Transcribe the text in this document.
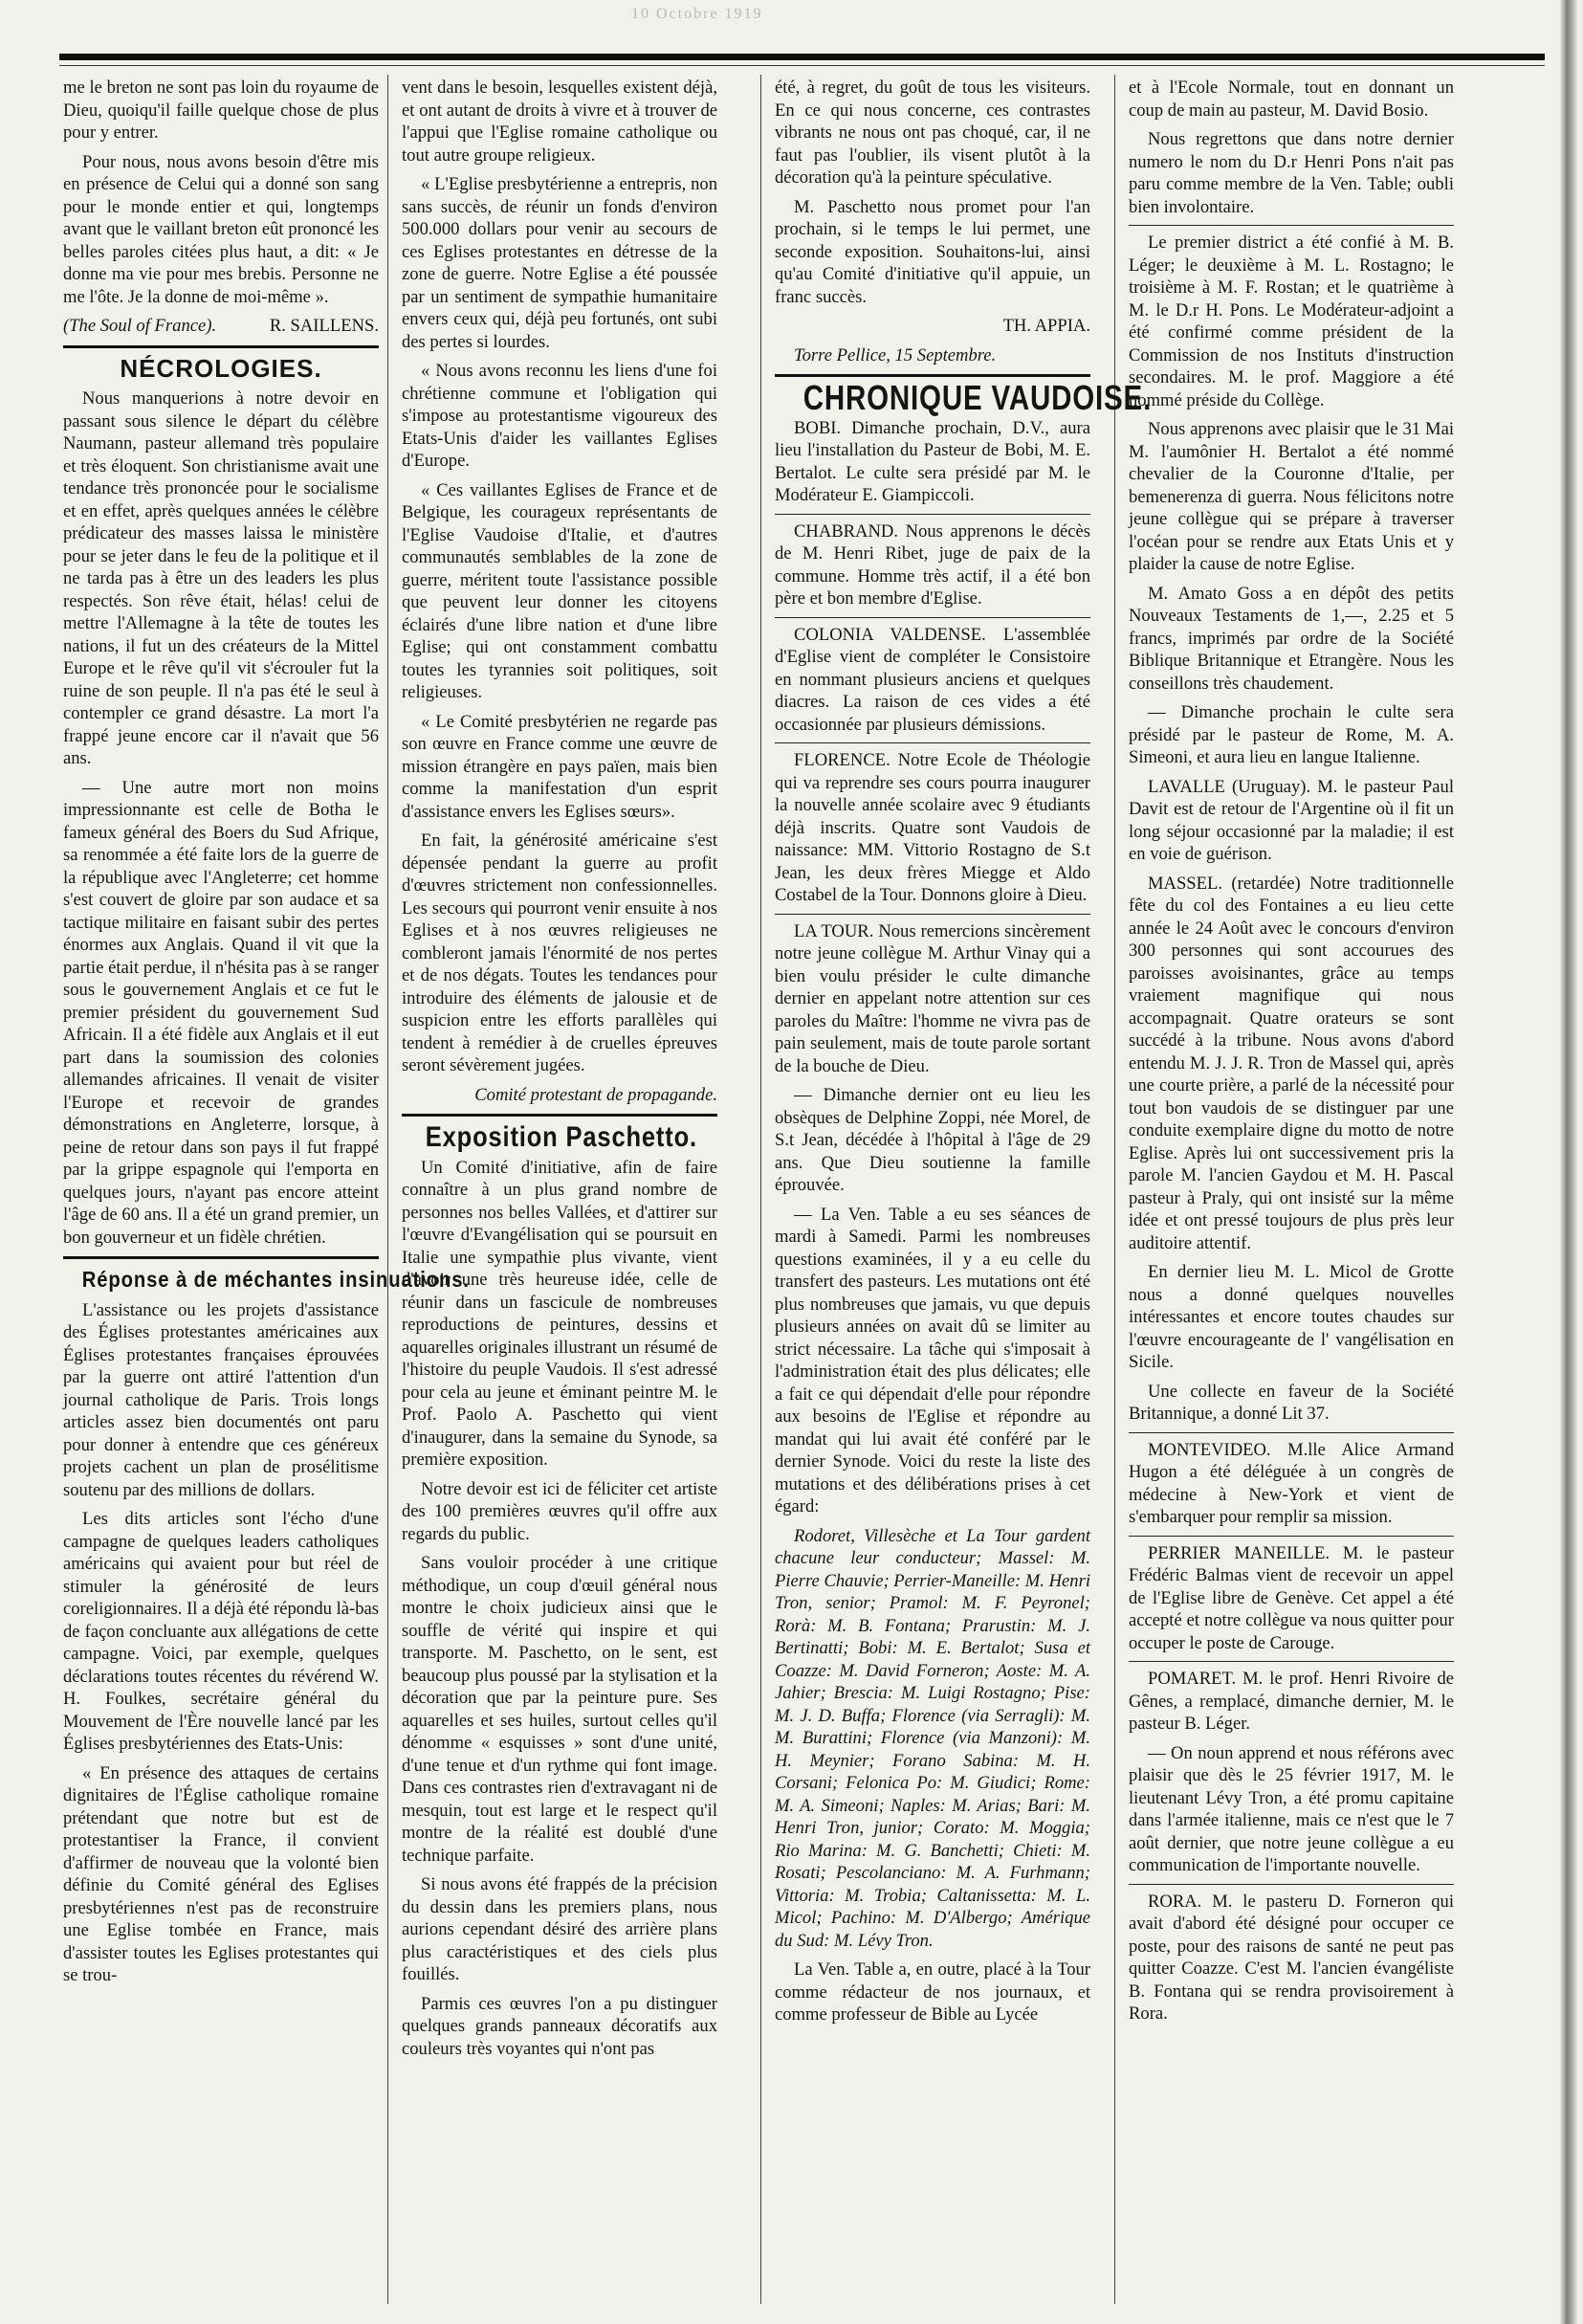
me le breton ne sont pas loin du royaume de Dieu, quoiqu'il faille quelque chose de plus pour y entrer.

Pour nous, nous avons besoin d'être mis en présence de Celui qui a donné son sang pour le monde entier et qui, longtemps avant que le vaillant breton eût prononcé les belles paroles citées plus haut, a dit: « Je donne ma vie pour mes brebis. Personne ne me l'ôte. Je la donne de moi-même ».

(The Soul of France).	R. SAILLENS.
NÉCROLOGIES.

Nous manquerions à notre devoir en passant sous silence le départ du célèbre Naumann, pasteur allemand très populaire et très éloquent. Son christianisme avait une tendance très prononcée pour le socialisme et en effet, après quelques années le célèbre prédicateur des masses laissa le ministère pour se jeter dans le feu de la politique et il ne tarda pas à être un des leaders les plus respectés. Son rêve était, hélas! celui de mettre l'Allemagne à la tête de toutes les nations, il fut un des créateurs de la Mittel Europe et le rêve qu'il vit s'écrouler fut la ruine de son peuple. Il n'a pas été le seul à contempler ce grand désastre. La mort l'a frappé jeune encore car il n'avait que 56 ans.

— Une autre mort non moins impressionnante est celle de Botha le fameux général des Boers du Sud Afrique, sa renommée a été faite lors de la guerre de la république avec l'Angleterre; cet homme s'est couvert de gloire par son audace et sa tactique militaire en faisant subir des pertes énormes aux Anglais. Quand il vit que la partie était perdue, il n'hésita pas à se ranger sous le gouvernement Anglais et ce fut le premier président du gouvernement Sud Africain. Il a été fidèle aux Anglais et il eut part dans la soumission des colonies allemandes africaines. Il venait de visiter l'Europe et recevoir de grandes démonstrations en Angleterre, lorsque, à peine de retour dans son pays il fut frappé par la grippe espagnole qui l'emporta en quelques jours, n'ayant pas encore atteint l'âge de 60 ans. Il a été un grand premier, un bon gouverneur et un fidèle chrétien.

Réponse à de méchantes insinuations.

L'assistance ou les projets d'assistance des Églises protestantes américaines aux Églises protestantes françaises éprouvées par la guerre ont attiré l'attention d'un journal catholique de Paris. Trois longs articles assez bien documentés ont paru pour donner à entendre que ces généreux projets cachent un plan de prosélitisme soutenu par des millions de dollars.

Les dits articles sont l'écho d'une campagne de quelques leaders catholiques américains qui avaient pour but réel de stimuler la générosité de leurs coreligionnaires. Il a déjà été répondu là-bas de façon concluante aux allégations de cette campagne. Voici, par exemple, quelques déclarations toutes récentes du révérend W. H. Foulkes, secrétaire général du Mouvement de l'Ère nouvelle lancé par les Églises presbytériennes des Etats-Unis:

« En présence des attaques de certains dignitaires de l'Église catholique romaine prétendant que notre but est de protestantiser la France, il convient d'affirmer de nouveau que la volonté bien définie du Comité général des Eglises presbytériennes n'est pas de reconstruire une Eglise tombée en France, mais d'assister toutes les Eglises protestantes qui se trou-

vent dans le besoin, lesquelles existent déjà, et ont autant de droits à vivre et à trouver de l'appui que l'Eglise romaine catholique ou tout autre groupe religieux.

« L'Eglise presbytérienne a entrepris, non sans succès, de réunir un fonds d'environ 500.000 dollars pour venir au secours de ces Eglises protestantes en détresse de la zone de guerre. Notre Eglise a été poussée par un sentiment de sympathie humanitaire envers ceux qui, déjà peu fortunés, ont subi des pertes si lourdes.

« Nous avons reconnu les liens d'une foi chrétienne commune et l'obligation qui s'impose au protestantisme vigoureux des Etats-Unis d'aider les vaillantes Eglises d'Europe.

« Ces vaillantes Eglises de France et de Belgique, les courageux représentants de l'Eglise Vaudoise d'Italie, et d'autres communautés semblables de la zone de guerre, méritent toute l'assistance possible que peuvent leur donner les citoyens éclairés d'une libre nation et d'une libre Eglise; qui ont constamment combattu toutes les tyrannies soit politiques, soit religieuses.

« Le Comité presbytérien ne regarde pas son œuvre en France comme une œuvre de mission étrangère en pays païen, mais bien comme la manifestation d'un esprit d'assistance envers les Eglises sœurs».

En fait, la générosité américaine s'est dépensée pendant la guerre au profit d'œuvres strictement non confessionnelles. Les secours qui pourront venir ensuite à nos Eglises et à nos œuvres religieuses ne combleront jamais l'énormité de nos pertes et de nos dégats. Toutes les tendances pour introduire des éléments de jalousie et de suspicion entre les efforts parallèles qui tendent à remédier à de cruelles épreuves seront sévèrement jugées.

Comité protestant de propagande.

Exposition Paschetto.

Un Comité d'initiative, afin de faire connaître à un plus grand nombre de personnes nos belles Vallées, et d'attirer sur l'œuvre d'Evangélisation qui se poursuit en Italie une sympathie plus vivante, vient d'avoir une très heureuse idée, celle de réunir dans un fascicule de nombreuses reproductions de peintures, dessins et aquarelles originales illustrant un résumé de l'histoire du peuple Vaudois. Il s'est adressé pour cela au jeune et éminant peintre M. le Prof. Paolo A. Paschetto qui vient d'inaugurer, dans la semaine du Synode, sa première exposition.

Notre devoir est ici de féliciter cet artiste des 100 premières œuvres qu'il offre aux regards du public.

Sans vouloir procéder à une critique méthodique, un coup d'œuil général nous montre le choix judicieux ainsi que le souffle de vérité qui inspire et qui transporte. M. Paschetto, on le sent, est beaucoup plus poussé par la stylisation et la décoration que par la peinture pure. Ses aquarelles et ses huiles, surtout celles qu'il dénomme « esquisses » sont d'une unité, d'une tenue et d'un rythme qui font image. Dans ces contrastes rien d'extravagant ni de mesquin, tout est large et le respect qu'il montre de la réalité est doublé d'une technique parfaite.

Si nous avons été frappés de la précision du dessin dans les premiers plans, nous aurions cependant désiré des arrière plans plus caractéristiques et des ciels plus fouillés.

Parmis ces œuvres l'on a pu distinguer quelques grands panneaux décoratifs aux couleurs très voyantes qui n'ont pas

été, à regret, du goût de tous les visiteurs. En ce qui nous concerne, ces contrastes vibrants ne nous ont pas choqué, car, il ne faut pas l'oublier, ils visent plutôt à la décoration qu'à la peinture spéculative.

M. Paschetto nous promet pour l'an prochain, si le temps le lui permet, une seconde exposition. Souhaitons-lui, ainsi qu'au Comité d'initiative qu'il appuie, un franc succès.

TH. APPIA.

Torre Pellice, 15 Septembre.

CHRONIQUE VAUDOISE.

BOBI. Dimanche prochain, D.V., aura lieu l'installation du Pasteur de Bobi, M. E. Bertalot. Le culte sera présidé par M. le Modérateur E. Giampiccoli.

CHABRAND. Nous apprenons le décès de M. Henri Ribet, juge de paix de la commune. Homme très actif, il a été bon père et bon membre d'Eglise.

COLONIA VALDENSE. L'assemblée d'Eglise vient de compléter le Consistoire en nommant plusieurs anciens et quelques diacres. La raison de ces vides a été occasionnée par plusieurs démissions.

FLORENCE. Notre Ecole de Théologie qui va reprendre ses cours pourra inaugurer la nouvelle année scolaire avec 9 étudiants déjà inscrits. Quatre sont Vaudois de naissance: MM. Vittorio Rostagno de S.t Jean, les deux frères Miegge et Aldo Costabel de la Tour. Donnons gloire à Dieu.

LA TOUR. Nous remercions sincèrement notre jeune collègue M. Arthur Vinay qui a bien voulu présider le culte dimanche dernier en appelant notre attention sur ces paroles du Maître: l'homme ne vivra pas de pain seulement, mais de toute parole sortant de la bouche de Dieu.

— Dimanche dernier ont eu lieu les obsèques de Delphine Zoppi, née Morel, de S.t Jean, décédée à l'hôpital à l'âge de 29 ans. Que Dieu soutienne la famille éprouvée.

— La Ven. Table a eu ses séances de mardi à Samedi. Parmi les nombreuses questions examinées, il y a eu celle du transfert des pasteurs. Les mutations ont été plus nombreuses que jamais, vu que depuis plusieurs années on avait dû se limiter au strict nécessaire. La tâche qui s'imposait à l'administration était des plus délicates; elle a fait ce qui dépendait d'elle pour répondre aux besoins de l'Eglise et répondre au mandat qui lui avait été conféré par le dernier Synode. Voici du reste la liste des mutations et des délibérations prises à cet égard:

Rodoret, Villesèche et La Tour gardent chacune leur conducteur; Massel: M. Pierre Chauvie; Perrier-Maneille: M. Henri Tron, senior; Pramol: M. F. Peyronel; Rorà: M. B. Fontana; Prarustin: M. J. Bertinatti; Bobi: M. E. Bertalot; Susa et Coazze: M. David Forneron; Aoste: M. A. Jahier; Brescia: M. Luigi Rostagno; Pise: M. J. D. Buffa; Florence (via Serragli): M. M. Burattini; Florence (via Manzoni): M. H. Meynier; Forano Sabina: M. H. Corsani; Felonica Po: M. Giudici; Rome: M. A. Simeoni; Naples: M. Arias; Bari: M. Henri Tron, junior; Corato: M. Moggia; Rio Marina: M. G. Banchetti; Chieti: M. Rosati; Pescolanciano: M. A. Furhmann; Vittoria: M. Trobia; Caltanissetta: M. L. Micol; Pachino: M. D'Albergo; Amérique du Sud: M. Lévy Tron.

La Ven. Table a, en outre, placé à la Tour comme rédacteur de nos journaux, et comme professeur de Bible au Lycée

et à l'Ecole Normale, tout en donnant un coup de main au pasteur, M. David Bosio.

Nous regrettons que dans notre dernier numero le nom du D.r Henri Pons n'ait pas paru comme membre de la Ven. Table; oubli bien involontaire.

Le premier district a été confié à M. B. Léger; le deuxième à M. L. Rostagno; le troisième à M. F. Rostan; et le quatrième à M. le D.r H. Pons. Le Modérateur-adjoint a été confirmé comme président de la Commission de nos Instituts d'instruction secondaires. M. le prof. Maggiore a été nommé préside du Collège.

Nous apprenons avec plaisir que le 31 Mai M. l'aumônier H. Bertalot a été nommé chevalier de la Couronne d'Italie, per bemenerenza di guerra. Nous félicitons notre jeune collègue qui se prépare à traverser l'océan pour se rendre aux Etats Unis et y plaider la cause de notre Eglise.

M. Amato Goss a en dépôt des petits Nouveaux Testaments de 1,—, 2.25 et 5 francs, imprimés par ordre de la Société Biblique Britannique et Etrangère. Nous les conseillons très chaudement.

— Dimanche prochain le culte sera présidé par le pasteur de Rome, M. A. Simeoni, et aura lieu en langue Italienne.

LAVALLE (Uruguay). M. le pasteur Paul Davit est de retour de l'Argentine où il fit un long séjour occasionné par la maladie; il est en voie de guérison.

MASSEL. (retardée) Notre traditionnelle fête du col des Fontaines a eu lieu cette année le 24 Août avec le concours d'environ 300 personnes qui sont accourues des paroisses avoisinantes, grâce au temps vraiement magnifique qui nous accompagnait. Quatre orateurs se sont succédé à la tribune. Nous avons d'abord entendu M. J. J. R. Tron de Massel qui, après une courte prière, a parlé de la nécessité pour tout bon vaudois de se distinguer par une conduite exemplaire digne du motto de notre Eglise. Après lui ont successivement pris la parole M. l'ancien Gaydou et M. H. Pascal pasteur à Praly, qui ont insisté sur la même idée et ont pressé toujours de plus près leur auditoire attentif.

En dernier lieu M. L. Micol de Grotte nous a donné quelques nouvelles intéressantes et encore toutes chaudes sur l'œuvre encourageante de l' vangélisation en Sicile.

Une collecte en faveur de la Société Britannique, a donné Lit 37.

MONTEVIDEO. M.lle Alice Armand Hugon a été déléguée à un congrès de médecine à New-York et vient de s'embarquer pour remplir sa mission.

PERRIER MANEILLE. M. le pasteur Frédéric Balmas vient de recevoir un appel de l'Eglise libre de Genève. Cet appel a été accepté et notre collègue va nous quitter pour occuper le poste de Carouge.

POMARET. M. le prof. Henri Rivoire de Gênes, a remplacé, dimanche dernier, M. le pasteur B. Léger.

— On noun apprend et nous référons avec plaisir que dès le 25 février 1917, M. le lieutenant Lévy Tron, a été promu capitaine dans l'armée italienne, mais ce n'est que le 7 août dernier, que notre jeune collègue a eu communication de l'importante nouvelle.

RORA. M. le pasteru D. Forneron qui avait d'abord été désigné pour occuper ce poste, pour des raisons de santé ne peut pas quitter Coazze. C'est M. l'ancien évangéliste B. Fontana qui se rendra provisoirement à Rora.

10 Octobre 1919
